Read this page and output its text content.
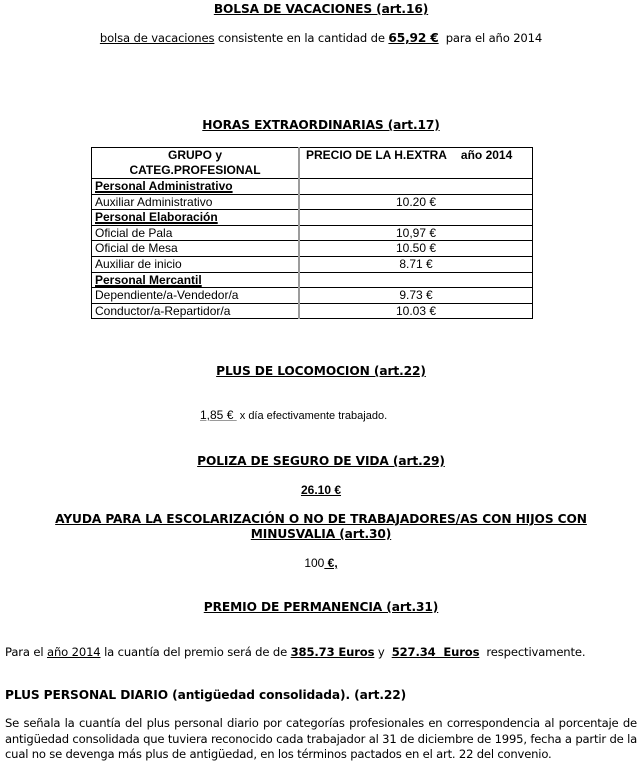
BOLSA DE VACACIONES (art.16)
bolsa de vacaciones consistente en la cantidad de 65,92 €  para el año 2014
HORAS EXTRAORDINARIAS (art.17)
GRUPO y
CATEG.PROFESIONAL	PRECIO DE LA H.EXTRA año 2014
Personal Administrativo	
Auxiliar Administrativo	10.20 €
Personal Elaboración	
Oficial de Pala	10,97 €
Oficial de Mesa	10.50 €
Auxiliar de inicio	8.71 €
Personal Mercantil	
Dependiente/a-Vendedor/a	9.73 €
Conductor/a-Repartidor/a	10.03 €
PLUS DE LOCOMOCION (art.22)
1,85 €  x día efectivamente trabajado.
POLIZA DE SEGURO DE VIDA (art.29)
26.10 €
AYUDA PARA LA ESCOLARIZACIÓN O NO DE TRABAJADORES/AS CON HIJOS CON
MINUSVALIA (art.30)
100 €,
PREMIO DE PERMANENCIA (art.31)
Para el año 2014 la cuantía del premio será de de 385.73 Euros y  527.34  Euros  respectivamente.
PLUS PERSONAL DIARIO (antigüedad consolidada). (art.22)
Se señala la cuantía del plus personal diario por categorías profesionales en correspondencia al porcentaje de antigüedad consolidada que tuviera reconocido cada trabajador al 31 de diciembre de 1995, fecha a partir de la cual no se devenga más plus de antigüedad, en los términos pactados en el art. 22 del convenio.
